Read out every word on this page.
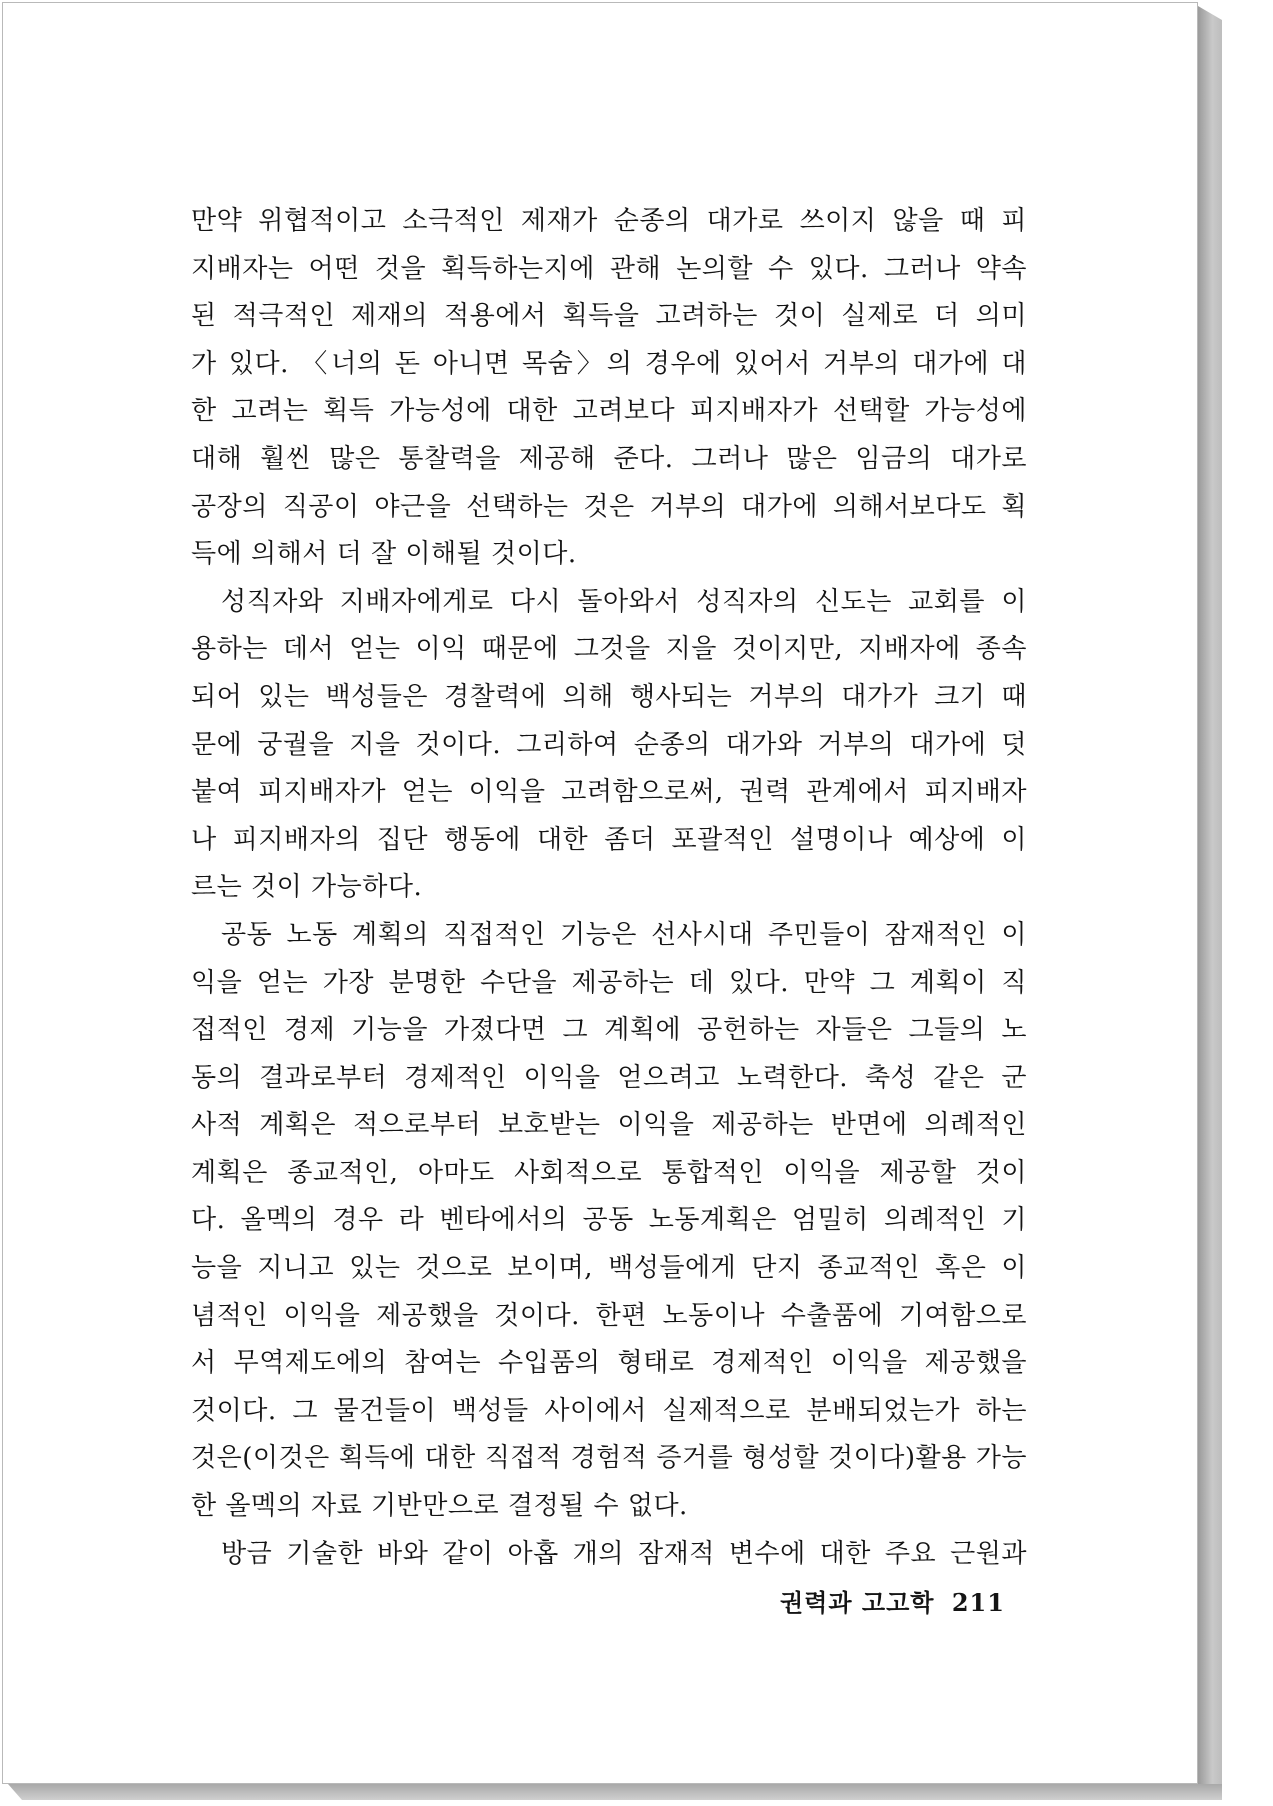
만약 위협적이고 소극적인 제재가 순종의 대가로 쓰이지 않을 때 피
지배자는 어떤 것을 획득하는지에 관해 논의할 수 있다. 그러나 약속
된 적극적인 제재의 적용에서 획득을 고려하는 것이 실제로 더 의미
가 있다. 〈너의 돈 아니면 목숨〉의 경우에 있어서 거부의 대가에 대
한 고려는 획득 가능성에 대한 고려보다 피지배자가 선택할 가능성에
대해 훨씬 많은 통찰력을 제공해 준다. 그러나 많은 임금의 대가로
공장의 직공이 야근을 선택하는 것은 거부의 대가에 의해서보다도 획
득에 의해서 더 잘 이해될 것이다.
성직자와 지배자에게로 다시 돌아와서 성직자의 신도는 교회를 이
용하는 데서 얻는 이익 때문에 그것을 지을 것이지만, 지배자에 종속
되어 있는 백성들은 경찰력에 의해 행사되는 거부의 대가가 크기 때
문에 궁궐을 지을 것이다. 그리하여 순종의 대가와 거부의 대가에 덧
붙여 피지배자가 얻는 이익을 고려함으로써, 권력 관계에서 피지배자
나 피지배자의 집단 행동에 대한 좀더 포괄적인 설명이나 예상에 이
르는 것이 가능하다.
공동 노동 계획의 직접적인 기능은 선사시대 주민들이 잠재적인 이
익을 얻는 가장 분명한 수단을 제공하는 데 있다. 만약 그 계획이 직
접적인 경제 기능을 가졌다면 그 계획에 공헌하는 자들은 그들의 노
동의 결과로부터 경제적인 이익을 얻으려고 노력한다. 축성 같은 군
사적 계획은 적으로부터 보호받는 이익을 제공하는 반면에 의례적인
계획은 종교적인, 아마도 사회적으로 통합적인 이익을 제공할 것이
다. 올멕의 경우 라 벤타에서의 공동 노동계획은 엄밀히 의례적인 기
능을 지니고 있는 것으로 보이며, 백성들에게 단지 종교적인 혹은 이
념적인 이익을 제공했을 것이다. 한편 노동이나 수출품에 기여함으로
서 무역제도에의 참여는 수입품의 형태로 경제적인 이익을 제공했을
것이다. 그 물건들이 백성들 사이에서 실제적으로 분배되었는가 하는
것은(이것은 획득에 대한 직접적 경험적 증거를 형성할 것이다)활용 가능
한 올멕의 자료 기반만으로 결정될 수 없다.
방금 기술한 바와 같이 아홉 개의 잠재적 변수에 대한 주요 근원과
권력과 고고학 211
